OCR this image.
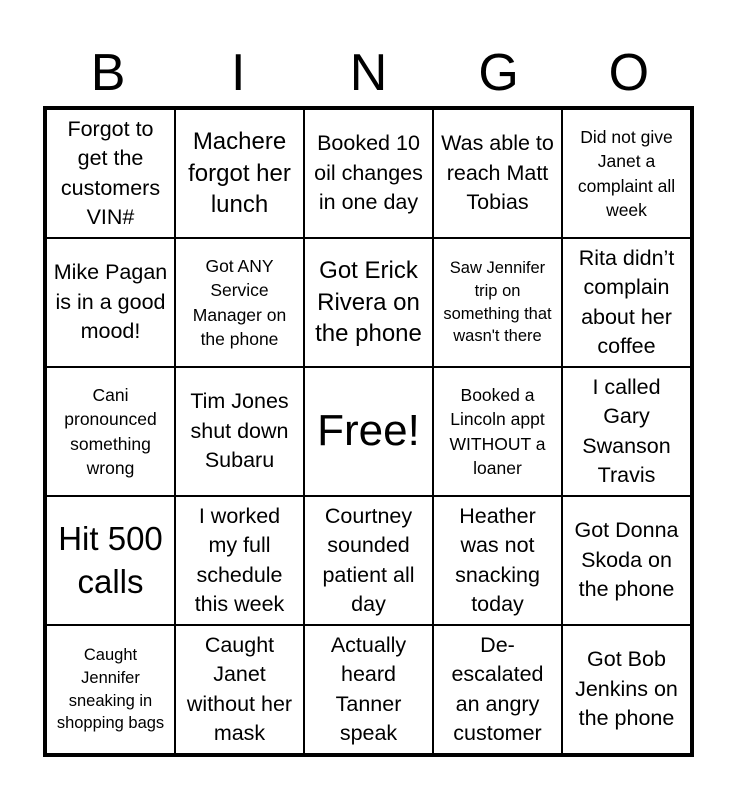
B	I	N	G	O
Forgot to get the customers VIN#
Machere forgot her lunch
Booked 10 oil changes in one day
Was able to reach Matt Tobias
Did not give Janet a complaint all week
Mike Pagan is in a good mood!
Got ANY Service Manager on the phone
Got Erick Rivera on the phone
Saw Jennifer trip on something that wasn't there
Rita didn’t complain about her coffee
Cani pronounced something wrong
Tim Jones shut down Subaru
Free!
Booked a Lincoln appt WITHOUT a loaner
I called Gary Swanson Travis
Hit 500 calls
I worked my full schedule this week
Courtney sounded patient all day
Heather was not snacking today
Got Donna Skoda on the phone
Caught Jennifer sneaking in shopping bags
Caught Janet without her mask
Actually heard Tanner speak
De-escalated an angry customer
Got Bob Jenkins on the phone
